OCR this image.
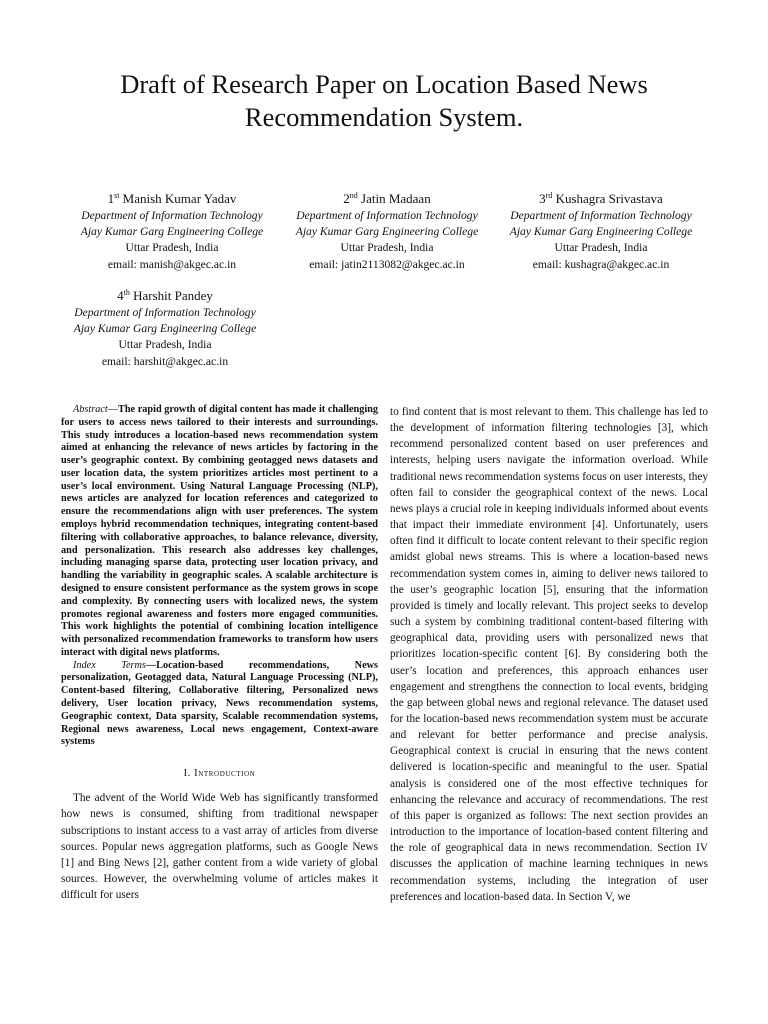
Draft of Research Paper on Location Based News Recommendation System.
1st Manish Kumar Yadav
Department of Information Technology
Ajay Kumar Garg Engineering College
Uttar Pradesh, India
email: manish@akgec.ac.in
2nd Jatin Madaan
Department of Information Technology
Ajay Kumar Garg Engineering College
Uttar Pradesh, India
email: jatin2113082@akgec.ac.in
3rd Kushagra Srivastava
Department of Information Technology
Ajay Kumar Garg Engineering College
Uttar Pradesh, India
email: kushagra@akgec.ac.in
4th Harshit Pandey
Department of Information Technology
Ajay Kumar Garg Engineering College
Uttar Pradesh, India
email: harshit@akgec.ac.in

Abstract—The rapid growth of digital content has made it challenging for users to access news tailored to their interests and surroundings. This study introduces a location-based news recommendation system aimed at enhancing the relevance of news articles by factoring in the user’s geographic context. By combining geotagged news datasets and user location data, the system prioritizes articles most pertinent to a user’s local environment. Using Natural Language Processing (NLP), news articles are analyzed for location references and categorized to ensure the recommendations align with user preferences. The system employs hybrid recommendation techniques, integrating content-based filtering with collaborative approaches, to balance relevance, diversity, and personalization. This research also addresses key challenges, including managing sparse data, protecting user location privacy, and handling the variability in geographic scales. A scalable architecture is designed to ensure consistent performance as the system grows in scope and complexity. By connecting users with localized news, the system promotes regional awareness and fosters more engaged communities. This work highlights the potential of combining location intelligence with personalized recommendation frameworks to transform how users interact with digital news platforms.

Index Terms—Location-based recommendations, News personalization, Geotagged data, Natural Language Processing (NLP), Content-based filtering, Collaborative filtering, Personalized news delivery, User location privacy, News recommendation systems, Geographic context, Data sparsity, Scalable recommendation systems, Regional news awareness, Local news engagement, Context-aware systems

I. Introduction

The advent of the World Wide Web has significantly transformed how news is consumed, shifting from traditional newspaper subscriptions to instant access to a vast array of articles from diverse sources. Popular news aggregation platforms, such as Google News [1] and Bing News [2], gather content from a wide variety of global sources. However, the overwhelming volume of articles makes it difficult for users

to find content that is most relevant to them. This challenge has led to the development of information filtering technologies [3], which recommend personalized content based on user preferences and interests, helping users navigate the information overload. While traditional news recommendation systems focus on user interests, they often fail to consider the geographical context of the news. Local news plays a crucial role in keeping individuals informed about events that impact their immediate environment [4]. Unfortunately, users often find it difficult to locate content relevant to their specific region amidst global news streams. This is where a location-based news recommendation system comes in, aiming to deliver news tailored to the user’s geographic location [5], ensuring that the information provided is timely and locally relevant. This project seeks to develop such a system by combining traditional content-based filtering with geographical data, providing users with personalized news that prioritizes location-specific content [6]. By considering both the user’s location and preferences, this approach enhances user engagement and strengthens the connection to local events, bridging the gap between global news and regional relevance. The dataset used for the location-based news recommendation system must be accurate and relevant for better performance and precise analysis. Geographical context is crucial in ensuring that the news content delivered is location-specific and meaningful to the user. Spatial analysis is considered one of the most effective techniques for enhancing the relevance and accuracy of recommendations. The rest of this paper is organized as follows: The next section provides an introduction to the importance of location-based content filtering and the role of geographical data in news recommendation. Section IV discusses the application of machine learning techniques in news recommendation systems, including the integration of user preferences and location-based data. In Section V, we
